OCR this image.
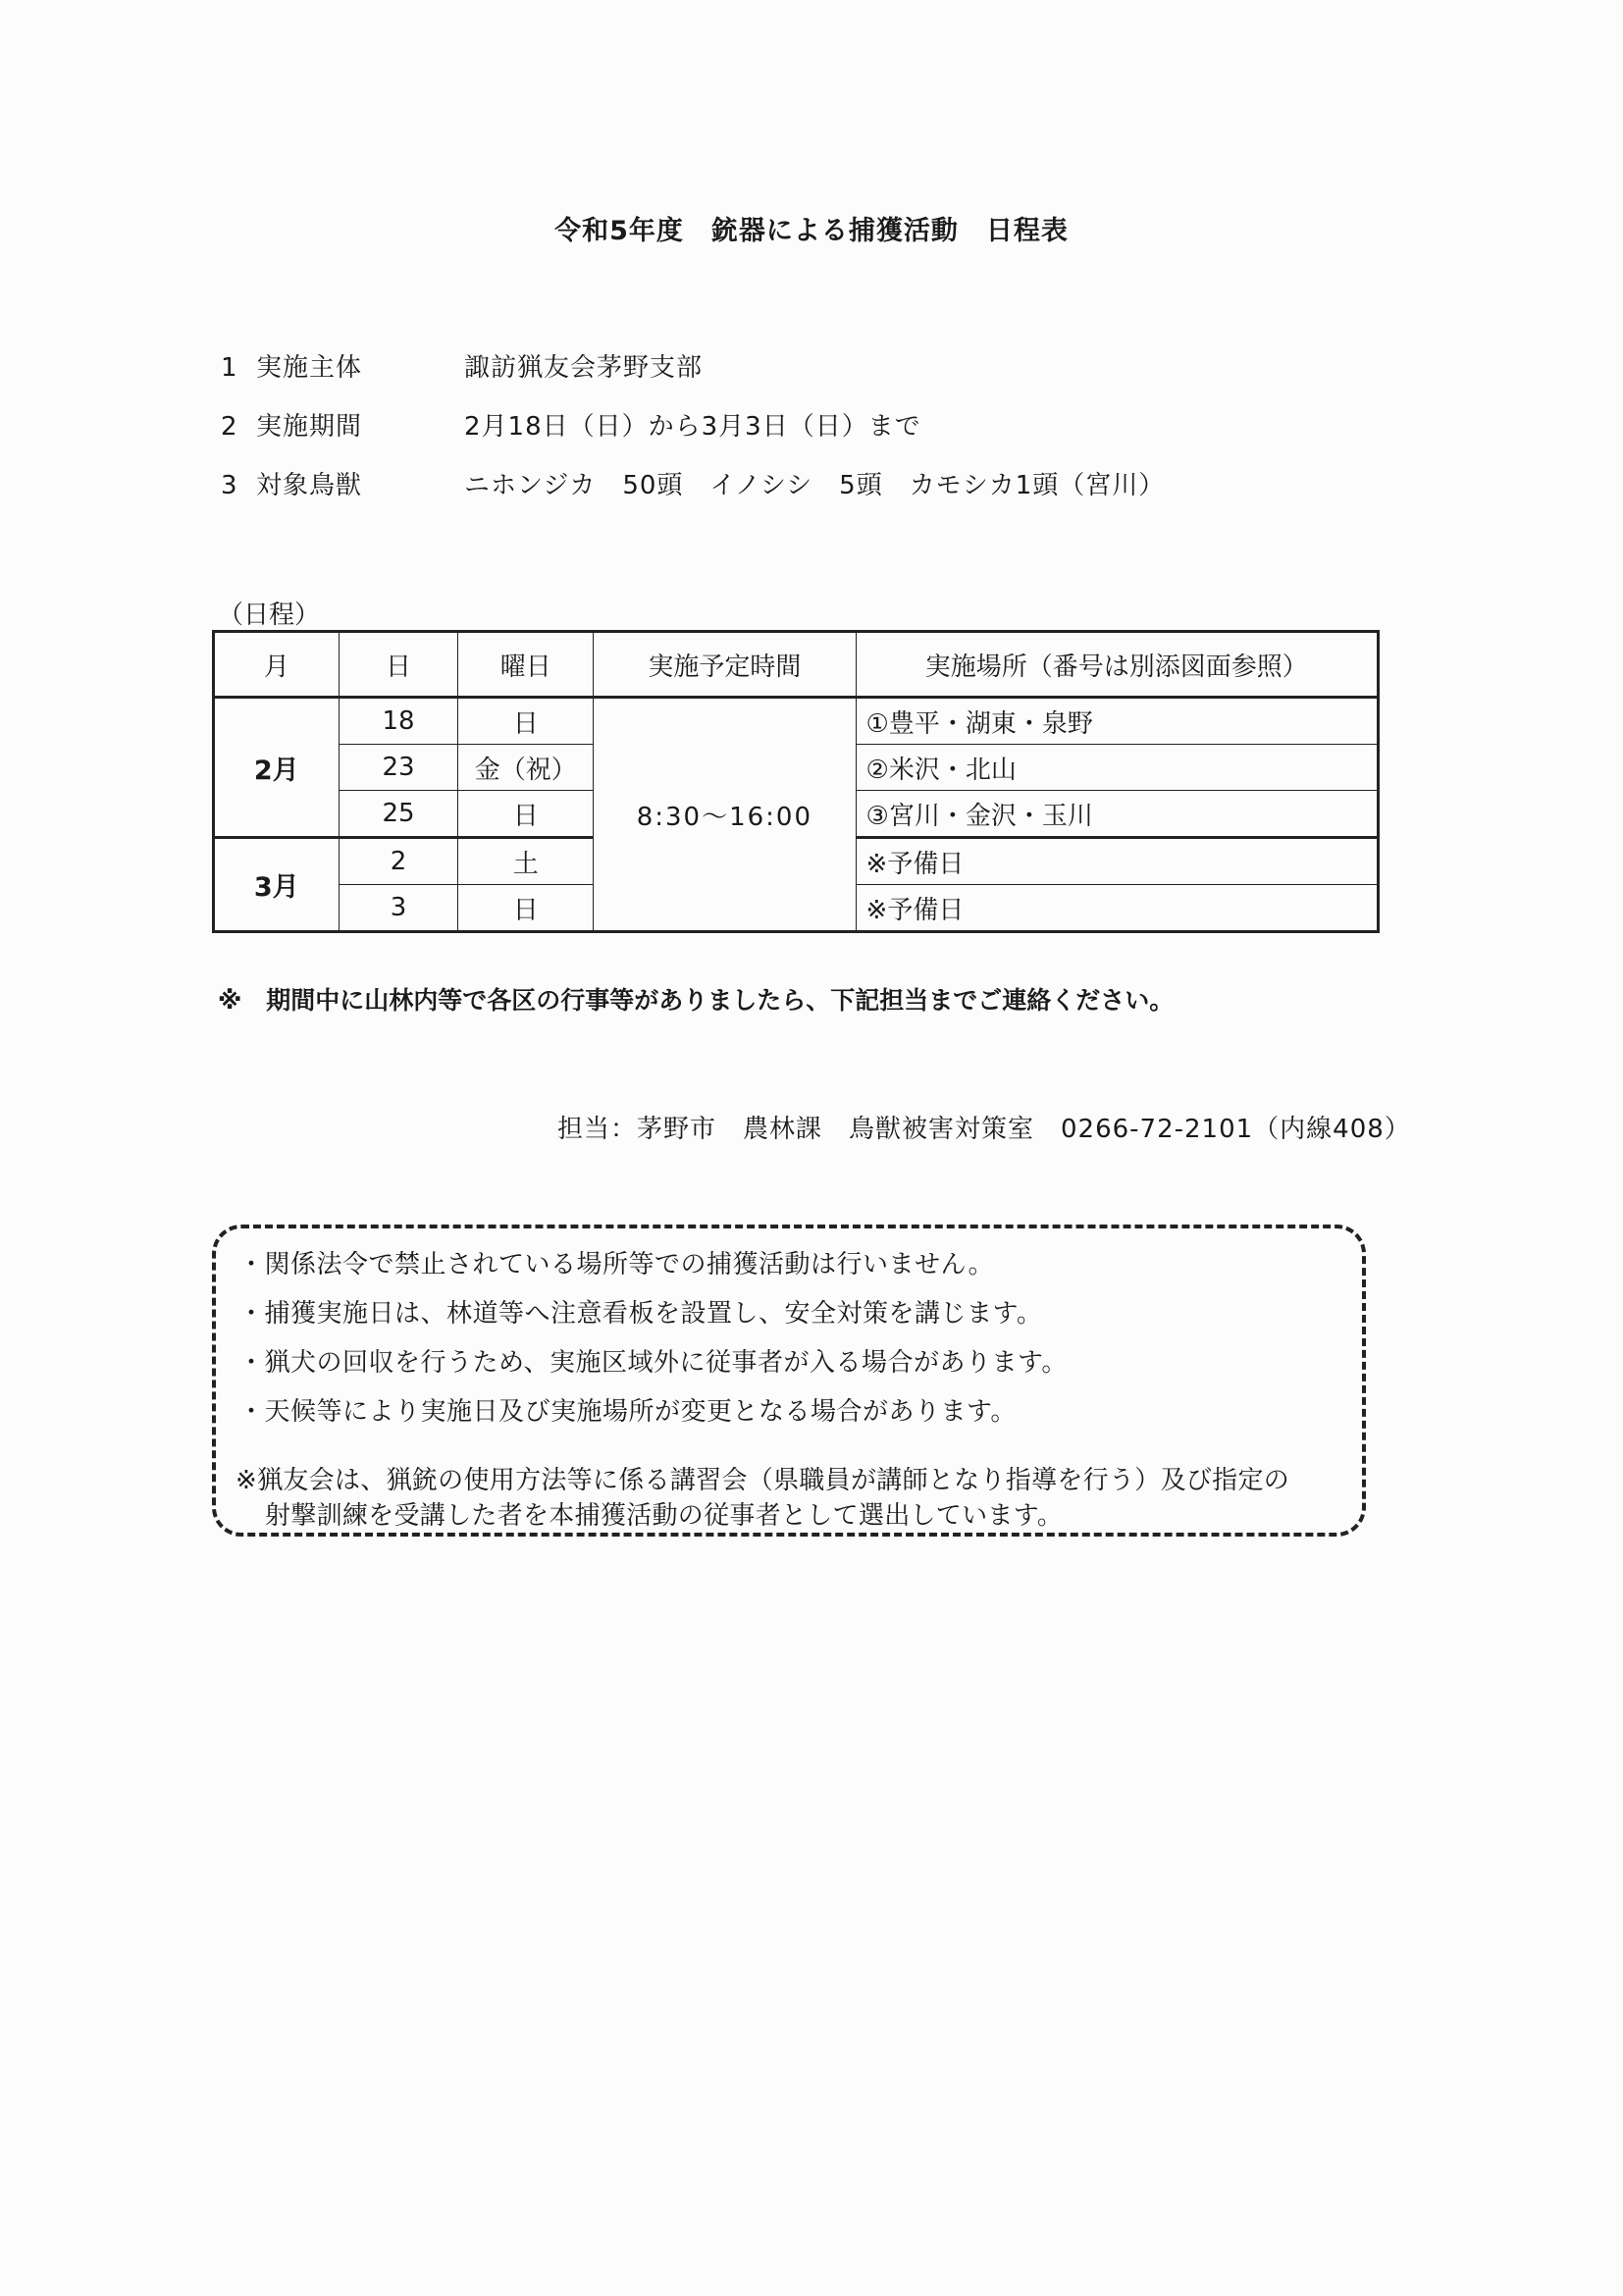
令和5年度　銃器による捕獲活動　日程表
1 実施主体	諏訪猟友会茅野支部
2 実施期間	2月18日（日）から3月3日（日）まで
3 対象鳥獣	ニホンジカ　50頭　イノシシ　5頭　カモシカ1頭（宮川）
（日程）
月	日	曜日	実施予定時間	実施場所（番号は別添図面参照）
2月	18	日	8:30～16:00	①豊平・湖東・泉野
	23	金（祝）		②米沢・北山
	25	日		③宮川・金沢・玉川
3月	2	土		※予備日
	3	日		※予備日
※　期間中に山林内等で各区の行事等がありましたら、下記担当までご連絡ください。
担当：茅野市　農林課　鳥獣被害対策室　0266-72-2101（内線408）
・関係法令で禁止されている場所等での捕獲活動は行いません。
・捕獲実施日は、林道等へ注意看板を設置し、安全対策を講じます。
・猟犬の回収を行うため、実施区域外に従事者が入る場合があります。
・天候等により実施日及び実施場所が変更となる場合があります。
※猟友会は、猟銃の使用方法等に係る講習会（県職員が講師となり指導を行う）及び指定の
射撃訓練を受講した者を本捕獲活動の従事者として選出しています。
